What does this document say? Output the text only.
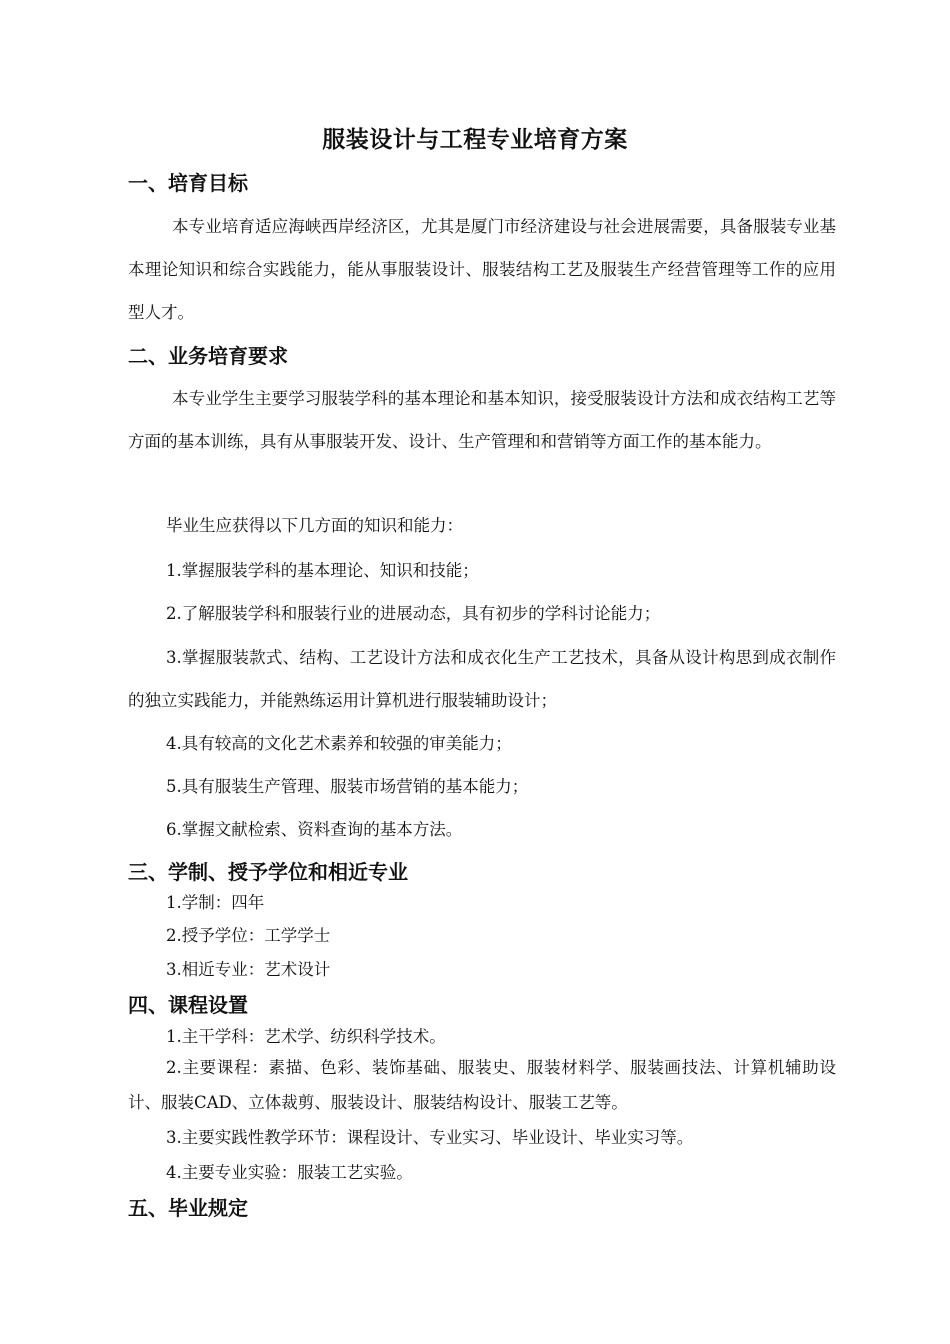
服装设计与工程专业培育方案
一、培育目标

本专业培育适应海峡西岸经济区，尤其是厦门市经济建设与社会进展需要，具备服装专业基本理论知识和综合实践能力，能从事服装设计、服装结构工艺及服装生产经营管理等工作的应用型人才。

二、业务培育要求

本专业学生主要学习服装学科的基本理论和基本知识，接受服装设计方法和成衣结构工艺等方面的基本训练，具有从事服装开发、设计、生产管理和和营销等方面工作的基本能力。

毕业生应获得以下几方面的知识和能力：
1.掌握服装学科的基本理论、知识和技能；
2.了解服装学科和服装行业的进展动态，具有初步的学科讨论能力；

3.掌握服装款式、结构、工艺设计方法和成衣化生产工艺技术，具备从设计构思到成衣制作的独立实践能力，并能熟练运用计算机进行服装辅助设计；

4.具有较高的文化艺术素养和较强的审美能力；
5.具有服装生产管理、服装市场营销的基本能力；
6.掌握文献检索、资料查询的基本方法。
三、学制、授予学位和相近专业
1.学制：四年
2.授予学位：工学学士
3.相近专业：艺术设计
四、课程设置
1.主干学科：艺术学、纺织科学技术。

2.主要课程：素描、色彩、装饰基础、服装史、服装材料学、服装画技法、计算机辅助设计、服装CAD、立体裁剪、服装设计、服装结构设计、服装工艺等。

3.主要实践性教学环节：课程设计、专业实习、毕业设计、毕业实习等。
4.主要专业实验：服装工艺实验。
五、毕业规定
